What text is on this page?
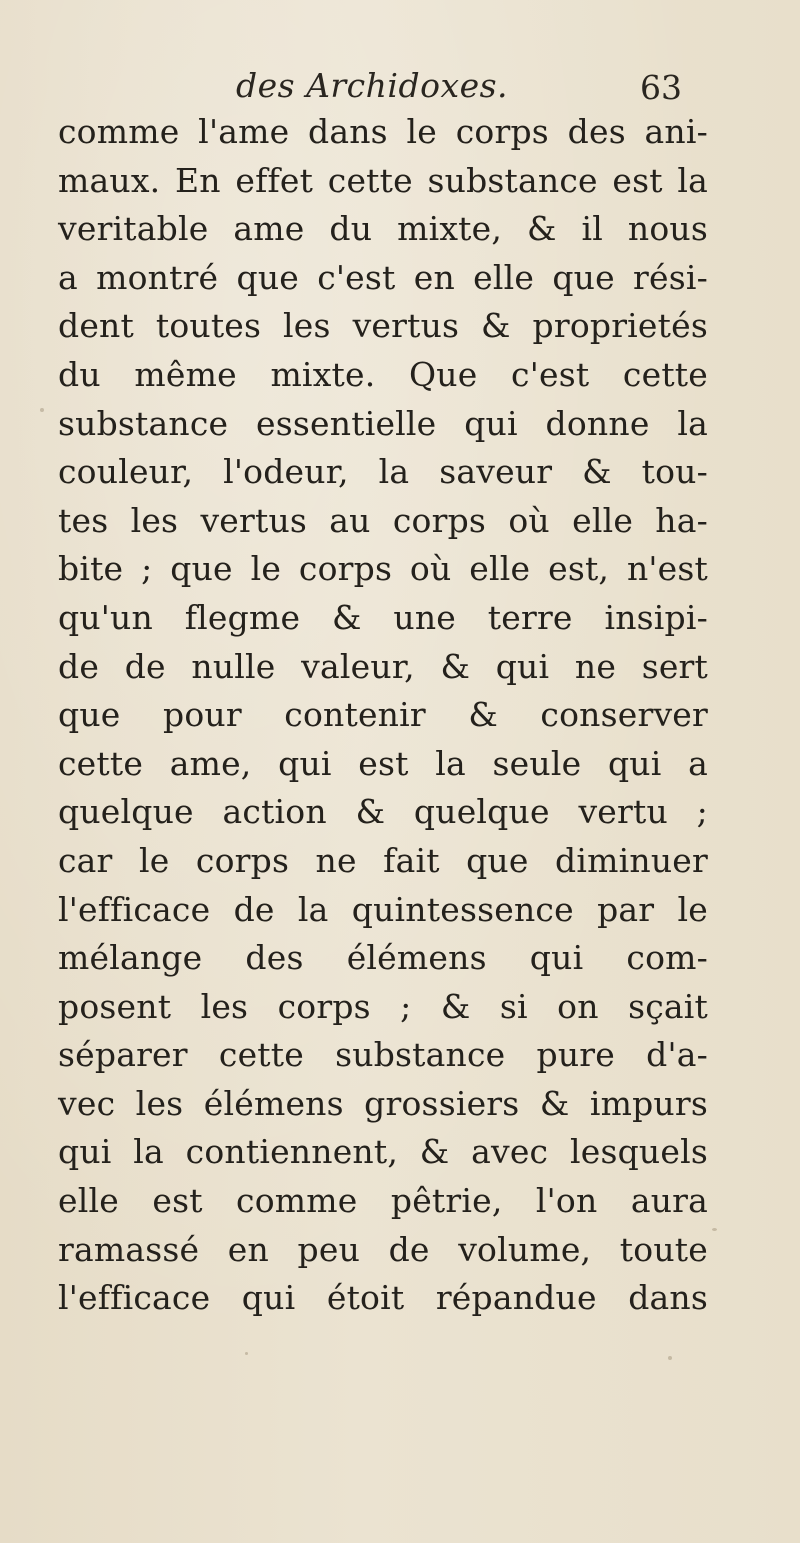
des Archidoxes.	63
comme l'ame dans le corps des ani-
maux. En effet cette substance est la
veritable ame du mixte, & il nous
a montré que c'est en elle que rési-
dent toutes les vertus & proprietés
du même mixte. Que c'est cette
substance essentielle qui donne la
couleur, l'odeur, la saveur & tou-
tes les vertus au corps où elle ha-
bite ; que le corps où elle est, n'est
qu'un flegme & une terre insipi-
de de nulle valeur, & qui ne sert
que pour contenir & conserver
cette ame, qui est la seule qui a
quelque action & quelque vertu ;
car le corps ne fait que diminuer
l'efficace de la quintessence par le
mélange des élémens qui com-
posent les corps ; & si on sçait
séparer cette substance pure d'a-
vec les élémens grossiers & impurs
qui la contiennent, & avec lesquels
elle est comme pêtrie, l'on aura
ramassé en peu de volume, toute
l'efficace qui étoit répandue dans
